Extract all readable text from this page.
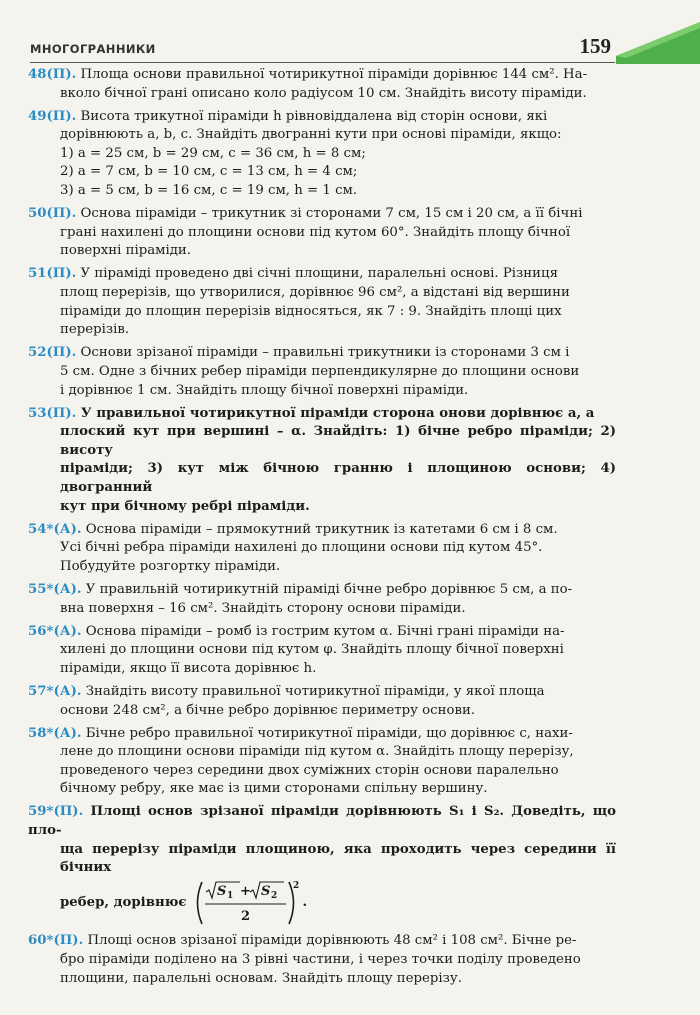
МНОГОГРАННИКИ	159
48(П). Площа основи правильної чотирикутної піраміди дорівнює 144 см². На-
вколо бічної грані описано коло радіусом 10 см. Знайдіть висоту піраміди.
49(П). Висота трикутної піраміди h рівновіддалена від сторін основи, які
дорівнюють a, b, c. Знайдіть двогранні кути при основі піраміди, якщо:
1) a = 25 см, b = 29 см, c = 36 см, h = 8 см;
2) a = 7 см, b = 10 см, c = 13 см, h = 4 см;
3) a = 5 см, b = 16 см, c = 19 см, h = 1 см.
50(П). Основа піраміди – трикутник зі сторонами 7 см, 15 см і 20 см, а її бічні
грані нахилені до площини основи під кутом 60°. Знайдіть площу бічної
поверхні піраміди.
51(П). У піраміді проведено дві січні площини, паралельні основі. Різниця
площ перерізів, що утворилися, дорівнює 96 см², а відстані від вершини
піраміди до площин перерізів відносяться, як 7 : 9. Знайдіть площі цих
перерізів.
52(П). Основи зрізаної піраміди – правильні трикутники із сторонами 3 см і
5 см. Одне з бічних ребер піраміди перпендикулярне до площини основи
і дорівнює 1 см. Знайдіть площу бічної поверхні піраміди.
53(П). У правильної чотирикутної піраміди сторона онови дорівнює a, а
плоский кут при вершині – α. Знайдіть: 1) бічне ребро піраміди; 2) висоту
піраміди; 3) кут між бічною гранню і площиною основи; 4) двогранний
кут при бічному ребрі піраміди.
54*(А). Основа піраміди – прямокутний трикутник із катетами 6 см і 8 см.
Усі бічні ребра піраміди нахилені до площини основи під кутом 45°.
Побудуйте розгортку піраміди.
55*(А). У правильній чотирикутній піраміді бічне ребро дорівнює 5 см, а по-
вна поверхня – 16 см². Знайдіть сторону основи піраміди.
56*(А). Основа піраміди – ромб із гострим кутом α. Бічні грані піраміди на-
хилені до площини основи під кутом φ. Знайдіть площу бічної поверхні
піраміди, якщо її висота дорівнює h.
57*(А). Знайдіть висоту правильної чотирикутної піраміди, у якої площа
основи 248 см², а бічне ребро дорівнює периметру основи.
58*(А). Бічне ребро правильної чотирикутної піраміди, що дорівнює c, нахи-
лене до площини основи піраміди під кутом α. Знайдіть площу перерізу,
проведеного через середини двох суміжних сторін основи паралельно
бічному ребру, яке має із цими сторонами спільну вершину.
59*(П). Площі основ зрізаної піраміди дорівнюють S₁ і S₂. Доведіть, що пло-
ща перерізу піраміди площиною, яка проходить через середини її бічних
ребер, дорівнює
S 1 + S 2
2
2
.
60*(П). Площі основ зрізаної піраміди дорівнюють 48 см² і 108 см². Бічне ре-
бро піраміди поділено на 3 рівні частини, і через точки поділу проведено
площини, паралельні основам. Знайдіть площу перерізу.
